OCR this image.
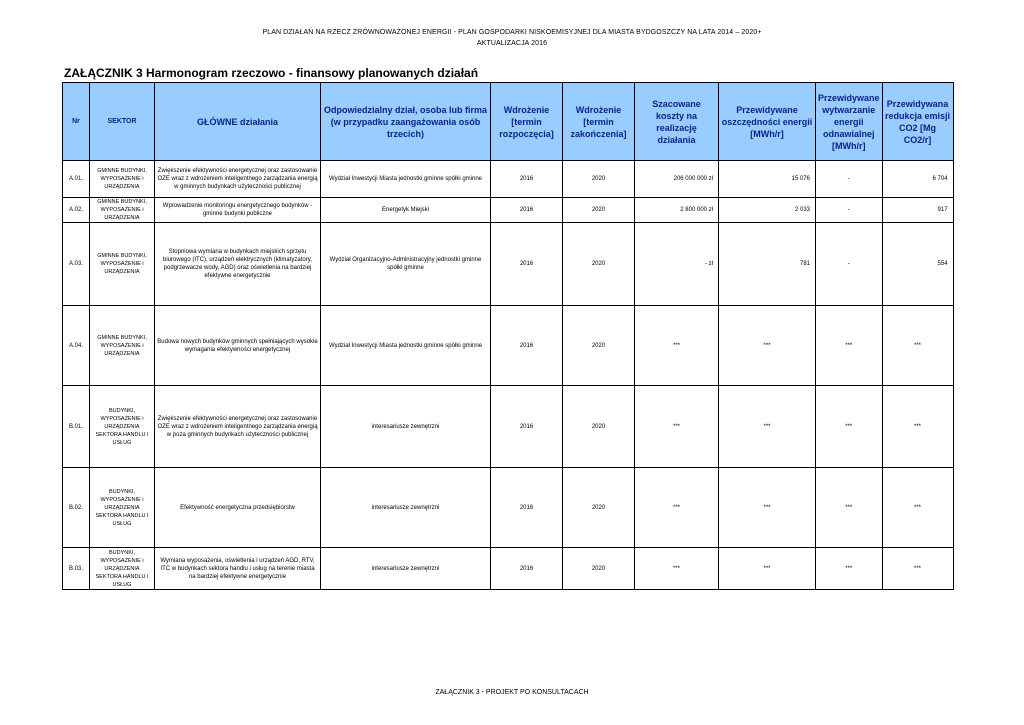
PLAN DZIAŁAŃ NA RZECZ ZRÓWNOWAŻONEJ ENERGII - PLAN GOSPODARKI NISKOEMISYJNEJ DLA MIASTA BYDGOSZCZY NA LATA 2014 – 2020+
AKTUALIZACJA 2016
ZAŁĄCZNIK 3 Harmonogram rzeczowo - finansowy planowanych działań
Nr	SEKTOR	GŁÓWNE działania	Odpowiedzialny dział, osoba lub firma (w przypadku zaangażowania osób trzecich)	Wdrożenie [termin rozpoczęcia]	Wdrożenie [termin zakończenia]	Szacowane koszty na realizację działania	Przewidywane oszczędności energii [MWh/r]	Przewidywane wytwarzanie energii odnawialnej [MWh/r]	Przewidywana redukcja emisji CO2 [Mg CO2/r]
A.01.	GMINNE BUDYNKI, WYPOSAŻENIE i URZĄDZENIA	Zwiększenie efektywności energetycznej oraz zastosowanie OZE wraz z wdrożeniem inteligentnego zarządzania energią w gminnych budynkach użyteczności publicznej	Wydział Inwestycji Miasta jednostki gminne spółki gminne	2016	2020	206 000 000 zł	15 076	-	6 704
A.02.	GMINNE BUDYNKI, WYPOSAŻENIE i URZĄDZENIA	Wprowadzenie monitoringu energetycznego budynków - gminne budynki publiczne	Energetyk Miejski	2016	2020	2 800 000 zł	2 033	-	917
A.03.	GMINNE BUDYNKI, WYPOSAŻENIE i URZĄDZENIA	Stopniowa wymiana w budynkach miejskich sprzętu biurowego (ITC), urządzeń elektrycznych (klimatyzatory, podgrzewacze wody, AGD) oraz oświetlenia na bardziej efektywne energetycznie	Wydział Organizacyjno-Administracyjny jednostki gminne spółki gminne	2016	2020	- zł	781	-	554
A.04.	GMINNE BUDYNKI, WYPOSAŻENIE i URZĄDZENIA	Budowa nowych budynków gminnych spełniających wysokie wymagania efektywności energetycznej	Wydział Inwestycji Miasta jednostki gminne spółki gminne	2016	2020	***	***	***	***
B.01.	BUDYNKI, WYPOSAŻENIE i URZĄDZENIA SEKTORA HANDLU I USŁUG	Zwiększenie efektywności energetycznej oraz zastosowanie OZE wraz z wdrożeniem inteligentnego zarządzania energią w poza gminnych budynkach użyteczności publicznej	interesariusze zewnętrzni	2016	2020	***	***	***	***
B.02.	BUDYNKI, WYPOSAŻENIE i URZĄDZENIA SEKTORA HANDLU I USŁUG	Efektywność energetyczna przedsiębiorstw	interesariusze zewnętrzni	2016	2020	***	***	***	***
B.03.	BUDYNKI, WYPOSAŻENIE i URZĄDZENIA SEKTORA HANDLU I USŁUG	Wymiana wyposażenia, oświetlenia i urządzeń AGD, RTV, ITC w budynkach sektora handlu i usług na terenie miasta na bardziej efektywne energetycznie	interesariusze zewnętrzni	2016	2020	***	***	***	***
ZAŁĄCZNIK 3 - PROJEKT PO KONSULTACACH
